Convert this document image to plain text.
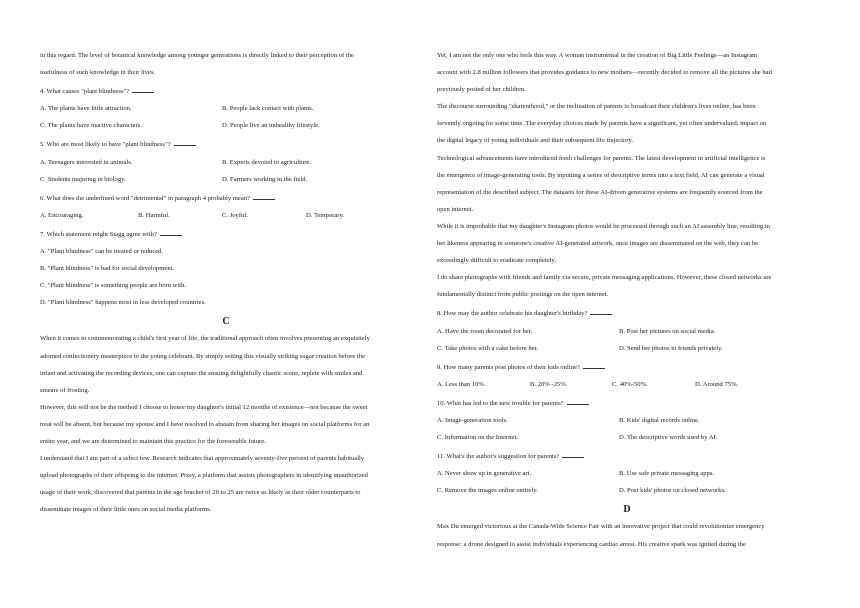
in this regard. The level of botanical knowledge among younger generations is directly linked to their perception of the
usefulness of such knowledge in their lives.
4. What causes "plant blindness"?
A. The plants have little attraction.	B. People lack contact with plants.
C. The plants have inactive characters.	D. People live an unhealthy lifestyle.
5. Who are most likely to have "plant blindness"?
A. Teenagers interested in animals.	B. Experts devoted to agriculture.
C. Students majoring in biology.	D. Farmers working in the field.
6. What does the underlined word "detrimental" in paragraph 4 probably mean?
A. Encouraging.	B. Harmful.	C. Joyful.	D. Temporary.
7. Which statement might Stagg agree with?
A. "Plant blindness" can be treated or reduced.
B. "Plant blindness" is bad for social development.
C. "Plant blindness" is something people are born with.
D. "Plant blindness" happens most in less developed countries.
C
When it comes to commemorating a child's first year of life, the traditional approach often involves presenting an exquisitely
adorned confectionery masterpiece to the young celebrant. By simply setting this visually striking sugar creation before the
infant and activating the recording devices, one can capture the ensuing delightfully chaotic scene, replete with smiles and
smears of frosting.
However, this will not be the method I choose to honor my daughter's initial 12 months of existence—not because the sweet
treat will be absent, but because my spouse and I have resolved to abstain from sharing her images on social platforms for an
entire year, and we are determined to maintain this practice for the foreseeable future.
I understand that I am part of a select few. Research indicates that approximately seventy-five percent of parents habitually
upload photographs of their offspring to the internet. Pixsy, a platform that assists photographers in identifying unauthorized
usage of their work, discovered that parents in the age bracket of 20 to 25 are twice as likely as their older counterparts to
disseminate images of their little ones on social media platforms.
Yet, I am not the only one who feels this way. A woman instrumental in the creation of Big Little Feelings—an Instagram
account with 2.8 million followers that provides guidance to new mothers—recently decided to remove all the pictures she had
previously posted of her children.
The discourse surrounding "sharenthood," or the inclination of parents to broadcast their children's lives online, has been
fervently ongoing for some time. The everyday choices made by parents have a significant, yet often undervalued, impact on
the digital legacy of young individuals and their subsequent life trajectory.
Technological advancements have introduced fresh challenges for parents. The latest development in artificial intelligence is
the emergence of image-generating tools. By inputting a series of descriptive terms into a text field, AI can generate a visual
representation of the described subject. The datasets for these AI-driven generative systems are frequently sourced from the
open internet.
While it is improbable that my daughter's Instagram photos would be processed through such an AI assembly line, resulting in
her likeness appearing in someone's creative AI-generated artwork, once images are disseminated on the web, they can be
exceedingly difficult to eradicate completely.
I do share photographs with friends and family via secure, private messaging applications. However, these closed networks are
fundamentally distinct from public postings on the open internet.
8. How may the author celebrate his daughter's birthday?
A. Have the room decorated for her.	B. Post her pictures on social media.
C. Take photos with a cake before her.	D. Send her photos to friends privately.
9. How many parents post photos of their kids online?
A. Less than 10%.	B. 20% -25%.	C. 40%-50%.	D. Around 75%.
10. What has led to the new trouble for parents?
A. Image-generation tools.	B. Kids' digital records online.
C. Information on the Internet.	D. The descriptive words used by AI.
11. What's the author's suggestion for parents?
A. Never show up in generative art.	B. Use safe private messaging apps.
C. Remove the images online entirely.	D. Post kids' photos on closed networks.
D
Max Du emerged victorious at the Canada-Wide Science Fair with an innovative project that could revolutionize emergency
response: a drone designed to assist individuals experiencing cardiac arrest. His creative spark was ignited during the
